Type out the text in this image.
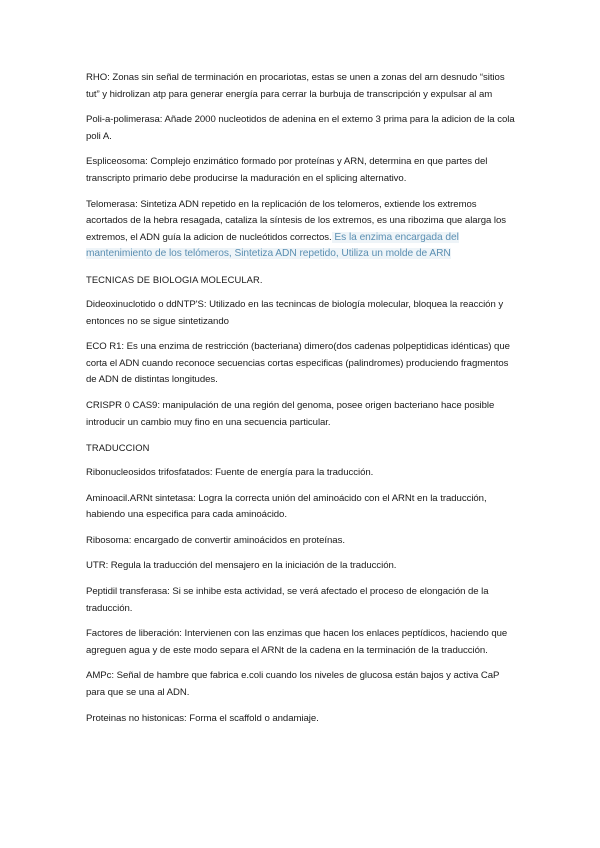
RHO: Zonas sin señal de terminación en procariotas, estas se unen a zonas del arn desnudo “sitios tut” y hidrolizan atp para generar energía para cerrar la burbuja de transcripción y expulsar al am

Poli-a-polimerasa: Añade 2000 nucleotidos de adenina en el extemo 3 prima para la adicion de la cola poli A.

Espliceosoma: Complejo enzimático formado por proteínas y ARN, determina en que partes del transcripto primario debe producirse la maduración en el splicing alternativo.

Telomerasa: Sintetiza ADN repetido en la replicación de los telomeros, extiende los extremos acortados de la hebra resagada, cataliza la síntesis de los extremos, es una ribozima que alarga los extremos, el ADN guía la adicion de nucleótidos correctos. Es la enzima encargada del mantenimiento de los telómeros, Sintetiza ADN repetido, Utiliza un molde de ARN

TECNICAS DE BIOLOGIA MOLECULAR.

Dideoxinuclotido o ddNTP'S: Utilizado en las tecnincas de biología molecular, bloquea la reacción y entonces no se sigue sintetizando

ECO R1: Es una enzima de restricción (bacteriana) dimero(dos cadenas polpeptidicas idénticas) que corta el ADN cuando reconoce secuencias cortas especificas (palindromes) produciendo fragmentos de ADN de distintas longitudes.

CRISPR 0 CAS9: manipulación de una región del genoma, posee origen bacteriano hace posible introducir un cambio muy fino en una secuencia particular.

TRADUCCION

Ribonucleosidos trifosfatados: Fuente de energía para la traducción.

Aminoacil.ARNt sintetasa: Logra la correcta unión del aminoácido con el ARNt en la traducción, habiendo una especifica para cada aminoácido.

Ribosoma: encargado de convertir aminoácidos en proteínas.

UTR: Regula la traducción del mensajero en la iniciación de la traducción.

Peptidil transferasa: Si se inhibe esta actividad, se verá afectado el proceso de elongación de la traducción.

Factores de liberación: Intervienen con las enzimas que hacen los enlaces peptídicos, haciendo que agreguen agua y de este modo separa el ARNt de la cadena en la terminación de la traducción.

AMPc: Señal de hambre que fabrica e.coli cuando los niveles de glucosa están bajos y activa CaP para que se una al ADN.

Proteinas no histonicas: Forma el scaffold o andamiaje.
